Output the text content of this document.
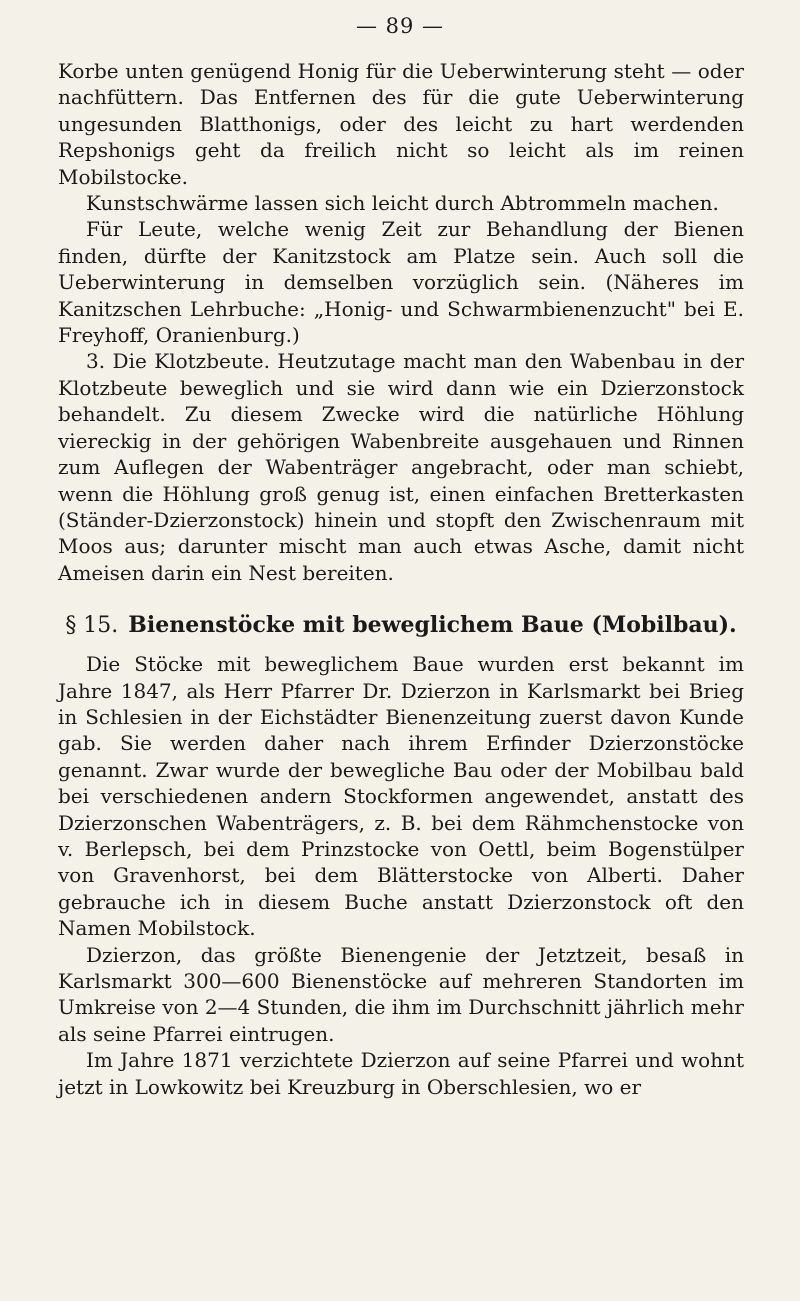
— 89 —

Korbe unten genügend Honig für die Ueberwinterung steht — oder nachfüttern. Das Entfernen des für die gute Ueberwinterung ungesunden Blatthonigs, oder des leicht zu hart werdenden Repshonigs geht da freilich nicht so leicht als im reinen Mobilstocke.

Kunstschwärme lassen sich leicht durch Abtrommeln machen.

Für Leute, welche wenig Zeit zur Behandlung der Bienen finden, dürfte der Kanitzstock am Platze sein. Auch soll die Ueberwinterung in demselben vorzüglich sein. (Näheres im Kanitzschen Lehrbuche: „Honig- und Schwarmbienenzucht" bei E. Freyhoff, Oranienburg.)

3. Die Klotzbeute. Heutzutage macht man den Wabenbau in der Klotzbeute beweglich und sie wird dann wie ein Dzierzonstock behandelt. Zu diesem Zwecke wird die natürliche Höhlung viereckig in der gehörigen Wabenbreite ausgehauen und Rinnen zum Auflegen der Wabenträger angebracht, oder man schiebt, wenn die Höhlung groß genug ist, einen einfachen Bretterkasten (Ständer-Dzierzonstock) hinein und stopft den Zwischenraum mit Moos aus; darunter mischt man auch etwas Asche, damit nicht Ameisen darin ein Nest bereiten.

§ 15. Bienenstöcke mit beweglichem Baue (Mobilbau).

Die Stöcke mit beweglichem Baue wurden erst bekannt im Jahre 1847, als Herr Pfarrer Dr. Dzierzon in Karlsmarkt bei Brieg in Schlesien in der Eichstädter Bienenzeitung zuerst davon Kunde gab. Sie werden daher nach ihrem Erfinder Dzierzonstöcke genannt. Zwar wurde der bewegliche Bau oder der Mobilbau bald bei verschiedenen andern Stockformen angewendet, anstatt des Dzierzonschen Wabenträgers, z. B. bei dem Rähmchenstocke von v. Berlepsch, bei dem Prinzstocke von Oettl, beim Bogenstülper von Gravenhorst, bei dem Blätterstocke von Alberti. Daher gebrauche ich in diesem Buche anstatt Dzierzonstock oft den Namen Mobilstock.

Dzierzon, das größte Bienengenie der Jetztzeit, besaß in Karlsmarkt 300—600 Bienenstöcke auf mehreren Standorten im Umkreise von 2—4 Stunden, die ihm im Durchschnitt jährlich mehr als seine Pfarrei eintrugen.

Im Jahre 1871 verzichtete Dzierzon auf seine Pfarrei und wohnt jetzt in Lowkowitz bei Kreuzburg in Oberschlesien, wo er
